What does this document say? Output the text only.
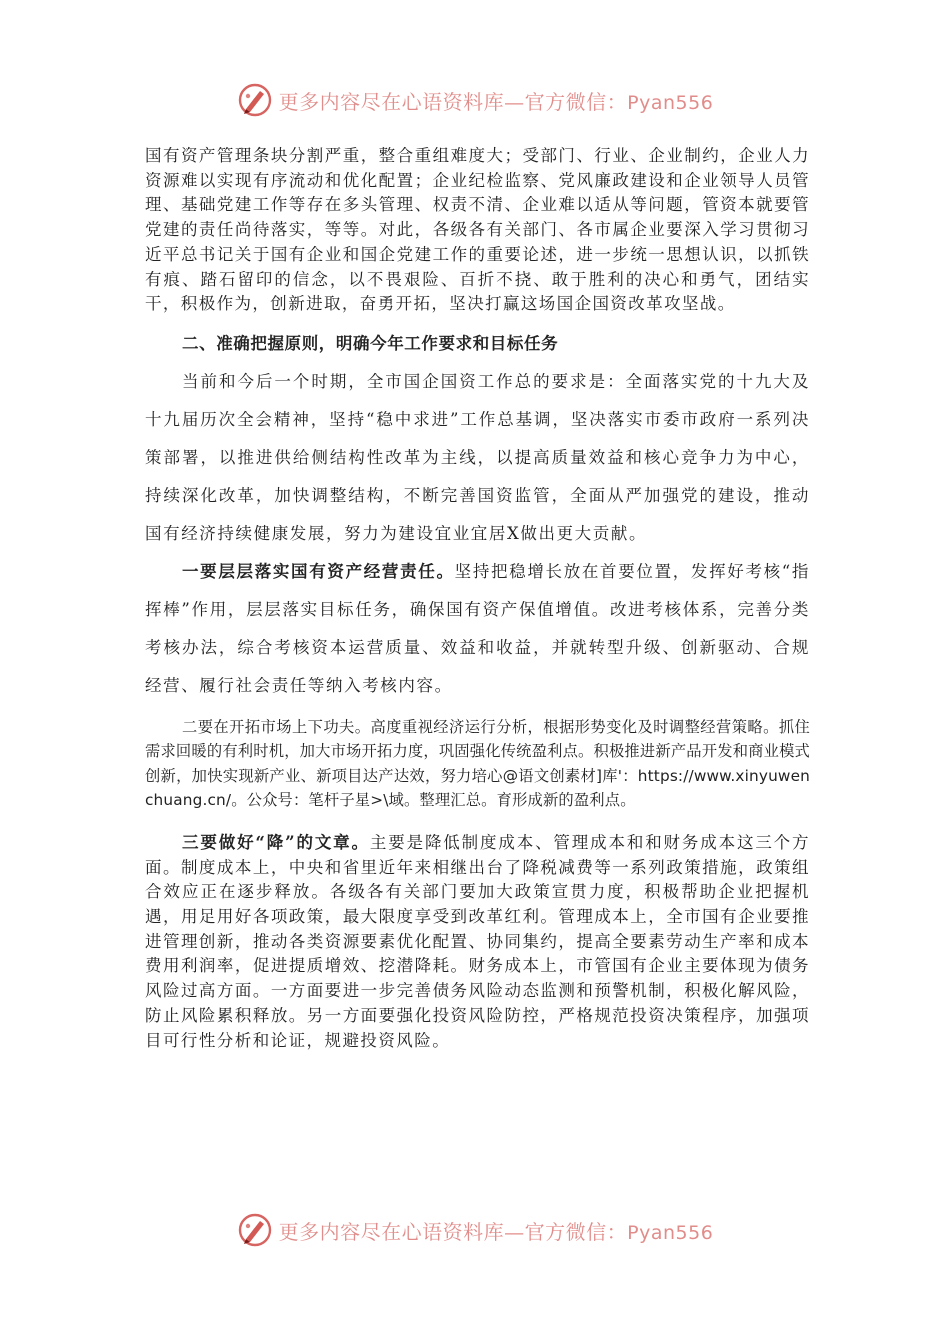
更多内容尽在心语资料库—官方微信：Pyan556

国有资产管理条块分割严重，整合重组难度大；受部门、行业、企业制约，企业人力资源难以实现有序流动和优化配置；企业纪检监察、党风廉政建设和企业领导人员管理、基础党建工作等存在多头管理、权责不清、企业难以适从等问题，管资本就要管党建的责任尚待落实，等等。对此，各级各有关部门、各市属企业要深入学习贯彻习近平总书记关于国有企业和国企党建工作的重要论述，进一步统一思想认识，以抓铁有痕、踏石留印的信念，以不畏艰险、百折不挠、敢于胜利的决心和勇气，团结实干，积极作为，创新进取，奋勇开拓，坚决打赢这场国企国资改革攻坚战。

二、准确把握原则，明确今年工作要求和目标任务

当前和今后一个时期，全市国企国资工作总的要求是：全面落实党的十九大及十九届历次全会精神，坚持“稳中求进”工作总基调，坚决落实市委市政府一系列决策部署，以推进供给侧结构性改革为主线，以提高质量效益和核心竞争力为中心，持续深化改革，加快调整结构，不断完善国资监管，全面从严加强党的建设，推动国有经济持续健康发展，努力为建设宜业宜居X做出更大贡献。

一要层层落实国有资产经营责任。坚持把稳增长放在首要位置，发挥好考核“指挥棒”作用，层层落实目标任务，确保国有资产保值增值。改进考核体系，完善分类考核办法，综合考核资本运营质量、效益和收益，并就转型升级、创新驱动、合规经营、履行社会责任等纳入考核内容。

二要在开拓市场上下功夫。高度重视经济运行分析，根据形势变化及时调整经营策略。抓住需求回暖的有利时机，加大市场开拓力度，巩固强化传统盈利点。积极推进新产品开发和商业模式创新，加快实现新产业、新项目达产达效，努力培心@语文创素材]库'：https://www.xinyuwenchuang.cn/。公众号：笔杆子星>\域。整理汇总。育形成新的盈利点。

三要做好“降”的文章。主要是降低制度成本、管理成本和和财务成本这三个方面。制度成本上，中央和省里近年来相继出台了降税减费等一系列政策措施，政策组合效应正在逐步释放。各级各有关部门要加大政策宣贯力度，积极帮助企业把握机遇，用足用好各项政策，最大限度享受到改革红利。管理成本上，全市国有企业要推进管理创新，推动各类资源要素优化配置、协同集约，提高全要素劳动生产率和成本费用利润率，促进提质增效、挖潜降耗。财务成本上，市管国有企业主要体现为债务风险过高方面。一方面要进一步完善债务风险动态监测和预警机制，积极化解风险，防止风险累积释放。另一方面要强化投资风险防控，严格规范投资决策程序，加强项目可行性分析和论证，规避投资风险。

更多内容尽在心语资料库—官方微信：Pyan556
